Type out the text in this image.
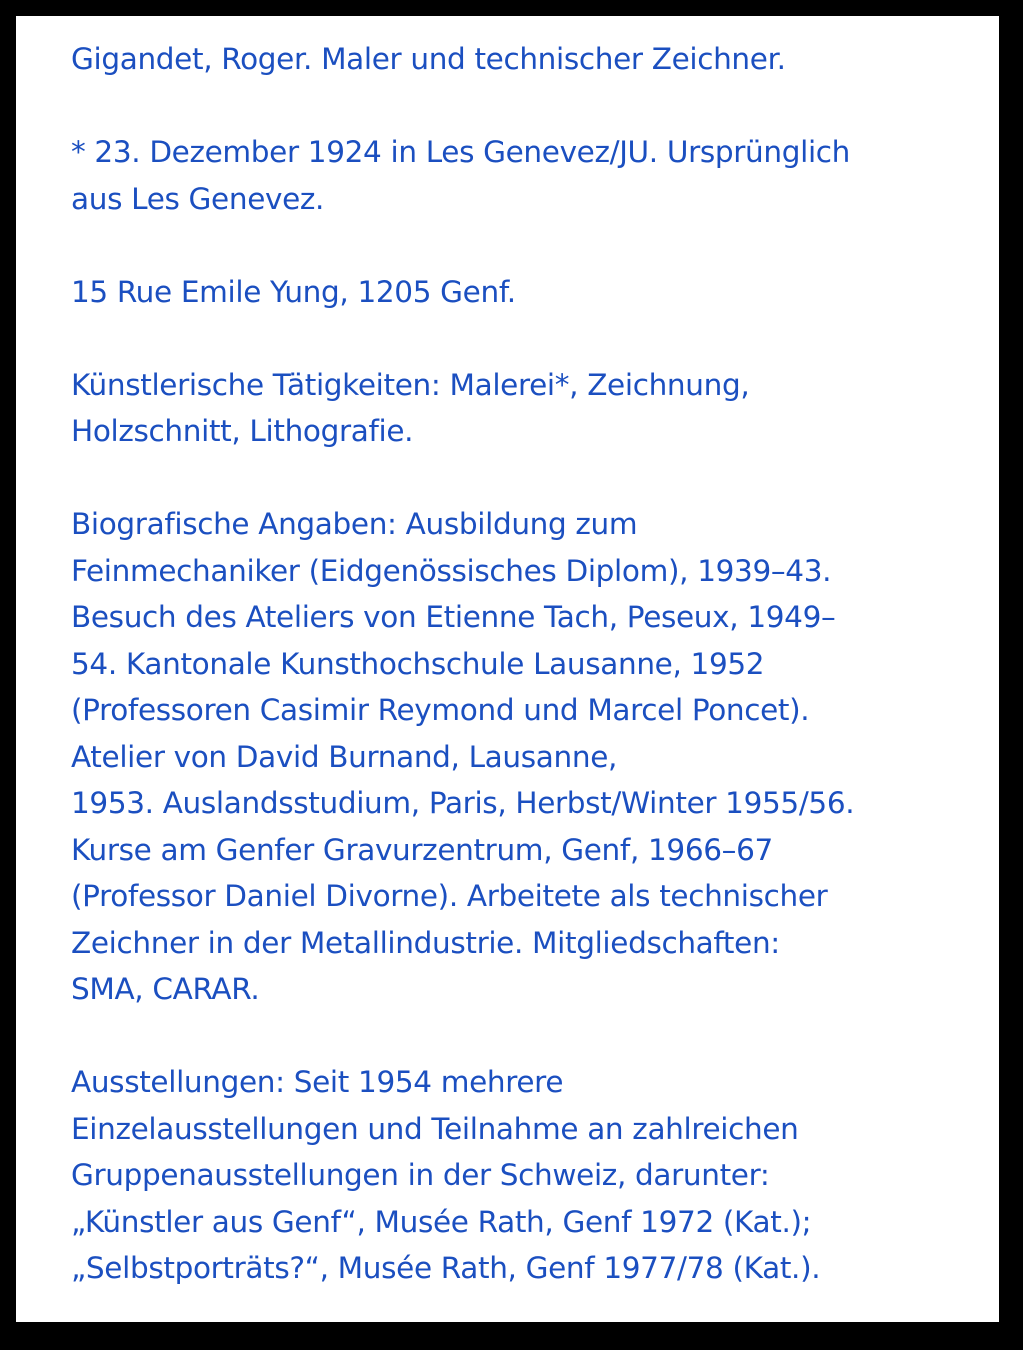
Gigandet, Roger. Maler und technischer Zeichner.

* 23. Dezember 1924 in Les Genevez/JU. Ursprünglich
aus Les Genevez.

15 Rue Emile Yung, 1205 Genf.

Künstlerische Tätigkeiten: Malerei*, Zeichnung,
Holzschnitt, Lithografie.

Biografische Angaben: Ausbildung zum
Feinmechaniker (Eidgenössisches Diplom), 1939–43.
Besuch des Ateliers von Etienne Tach, Peseux, 1949–
54. Kantonale Kunsthochschule Lausanne, 1952
(Professoren Casimir Reymond und Marcel Poncet).
Atelier von David Burnand, Lausanne,
1953. Auslandsstudium, Paris, Herbst/Winter 1955/56.
Kurse am Genfer Gravurzentrum, Genf, 1966–67
(Professor Daniel Divorne). Arbeitete als technischer
Zeichner in der Metallindustrie. Mitgliedschaften:
SMA, CARAR.

Ausstellungen: Seit 1954 mehrere
Einzelausstellungen und Teilnahme an zahlreichen
Gruppenausstellungen in der Schweiz, darunter:
„Künstler aus Genf“, Musée Rath, Genf 1972 (Kat.);
„Selbstporträts?“, Musée Rath, Genf 1977/78 (Kat.).
